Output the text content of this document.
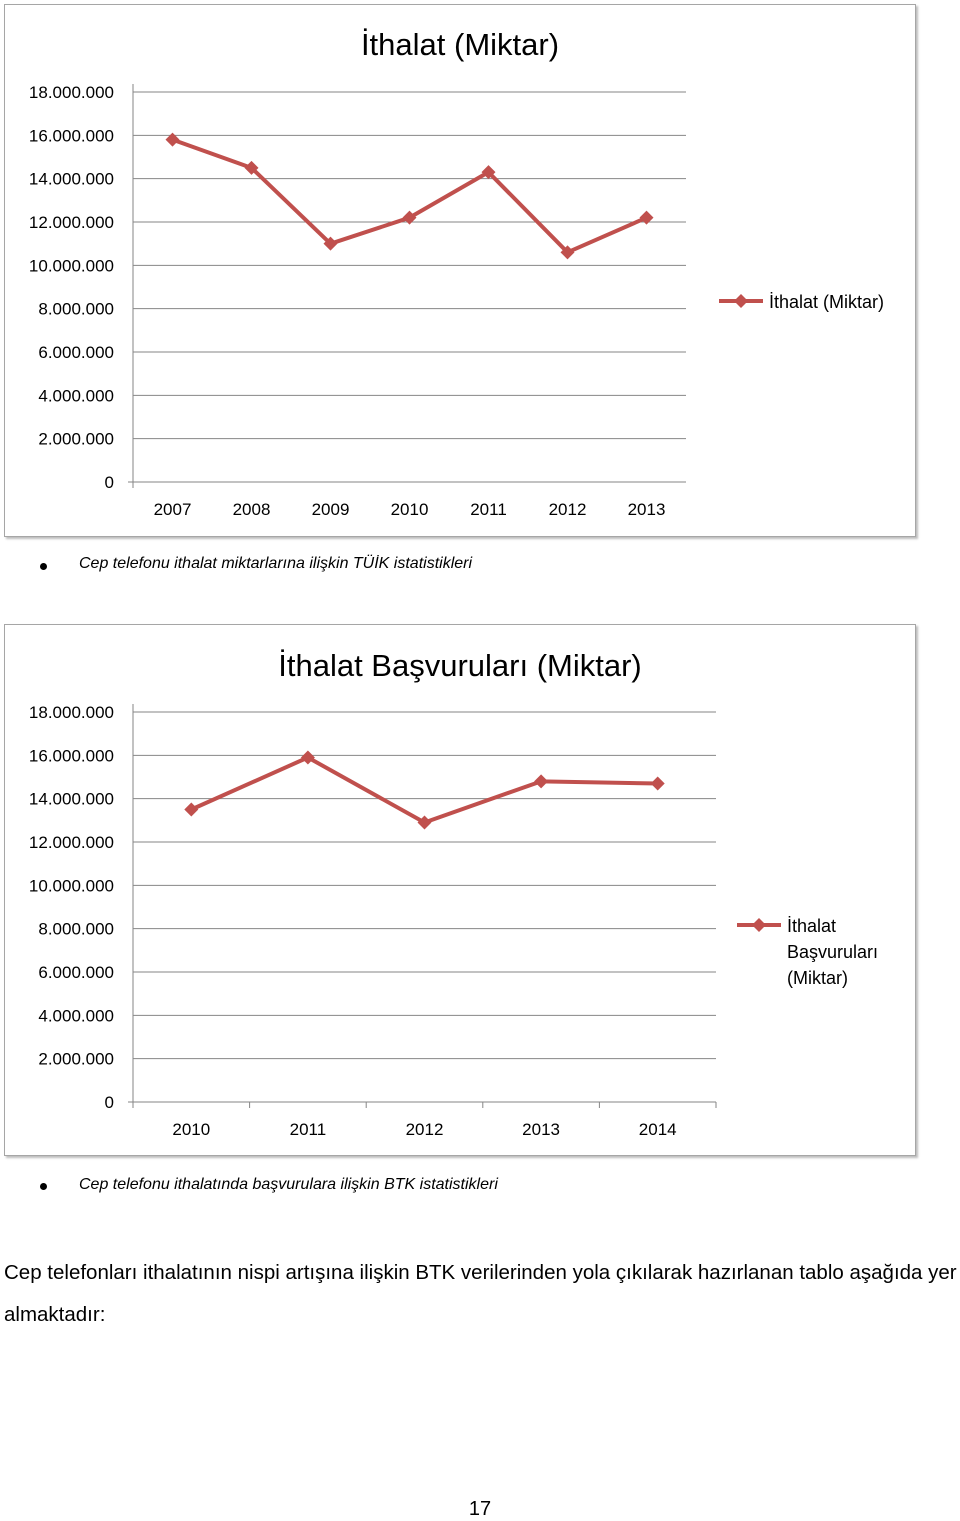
İthalat (Miktar)
0
2.000.000
4.000.000
6.000.000
8.000.000
10.000.000
12.000.000
14.000.000
16.000.000
18.000.000
2007 2008 2009 2010 2011 2012 2013
İthalat (Miktar)
Cep telefonu ithalat miktarlarına ilişkin TÜİK istatistikleri
İthalat Başvuruları (Miktar)
0
2.000.000
4.000.000
6.000.000
8.000.000
10.000.000
12.000.000
14.000.000
16.000.000
18.000.000
2010	2011	2012	2013	2014
İthalat
Başvuruları
(Miktar)
Cep telefonu ithalatında başvurulara ilişkin BTK istatistikleri
Cep telefonları ithalatının nispi artışına ilişkin BTK verilerinden yola çıkılarak hazırlanan tablo aşağıda yer almaktadır:
17
